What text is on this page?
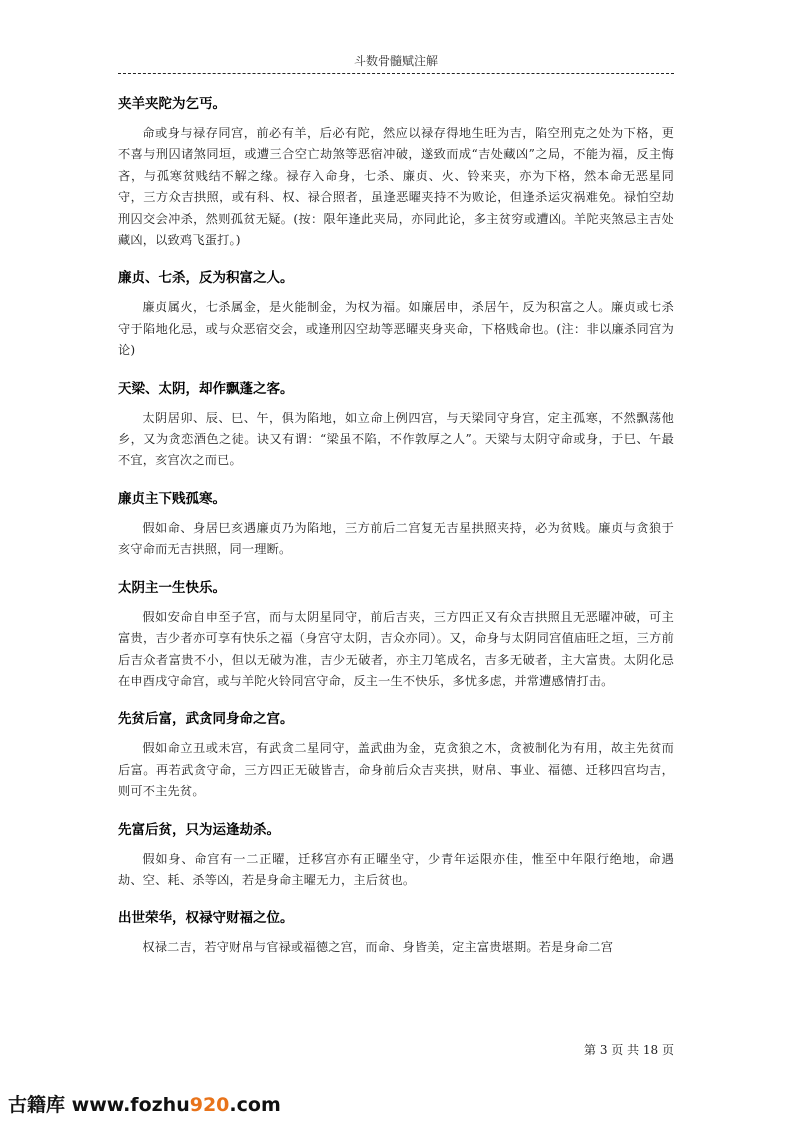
斗数骨髓赋注解

夹羊夹陀为乞丐。

命或身与禄存同宫，前必有羊，后必有陀，然应以禄存得地生旺为吉，陷空刑克之处为下格，更不喜与刑囚诸煞同垣，或遭三合空亡劫煞等恶宿冲破，遂致而成“吉处藏凶”之局，不能为福，反主悔吝，与孤寒贫贱结不解之缘。禄存入命身，七杀、廉贞、火、铃来夹，亦为下格，然本命无恶星同守，三方众吉拱照，或有科、权、禄合照者，虽逢恶曜夹持不为败论，但逢杀运灾祸难免。禄怕空劫刑囚交会冲杀，然则孤贫无疑。(按：限年逢此夹局，亦同此论，多主贫穷或遭凶。羊陀夹煞忌主吉处藏凶，以致鸡飞蛋打。)

廉贞、七杀，反为积富之人。

廉贞属火，七杀属金，是火能制金，为权为福。如廉居申，杀居午，反为积富之人。廉贞或七杀守于陷地化忌，或与众恶宿交会，或逢刑囚空劫等恶曜夹身夹命，下格贱命也。(注：非以廉杀同宫为论)

天梁、太阴，却作飘蓬之客。

太阴居卯、辰、巳、午，俱为陷地，如立命上例四宫，与天梁同守身宫，定主孤寒，不然飘荡他乡，又为贪恋酒色之徒。诀又有谓：“梁虽不陷，不作敦厚之人”。天梁与太阴守命或身，于巳、午最不宜，亥宫次之而已。

廉贞主下贱孤寒。

假如命、身居巳亥遇廉贞乃为陷地，三方前后二宫复无吉星拱照夹持，必为贫贱。廉贞与贪狼于亥守命而无吉拱照，同一理断。

太阴主一生快乐。

假如安命自申至子宫，而与太阴星同守，前后吉夹，三方四正又有众吉拱照且无恶曜冲破，可主富贵，吉少者亦可享有快乐之福（身宫守太阴，吉众亦同）。又，命身与太阴同宫值庙旺之垣，三方前后吉众者富贵不小，但以无破为准，吉少无破者，亦主刀笔成名，吉多无破者，主大富贵。太阴化忌在申酉戌守命宫，或与羊陀火铃同宫守命，反主一生不快乐，多忧多虑，并常遭感情打击。

先贫后富，武贪同身命之宫。

假如命立丑或未宫，有武贪二星同守，盖武曲为金，克贪狼之木，贪被制化为有用，故主先贫而后富。再若武贪守命，三方四正无破皆吉，命身前后众吉夹拱，财帛、事业、福德、迁移四宫均吉，则可不主先贫。

先富后贫，只为运逢劫杀。

假如身、命宫有一二正曜，迁移宫亦有正曜坐守，少青年运限亦佳，惟至中年限行绝地，命遇劫、空、耗、杀等凶，若是身命主曜无力，主后贫也。

出世荣华，权禄守财福之位。

权禄二吉，若守财帛与官禄或福德之宫，而命、身皆美，定主富贵堪期。若是身命二宫

第 3 页 共 18 页
古籍库 www.fozhu920.com
